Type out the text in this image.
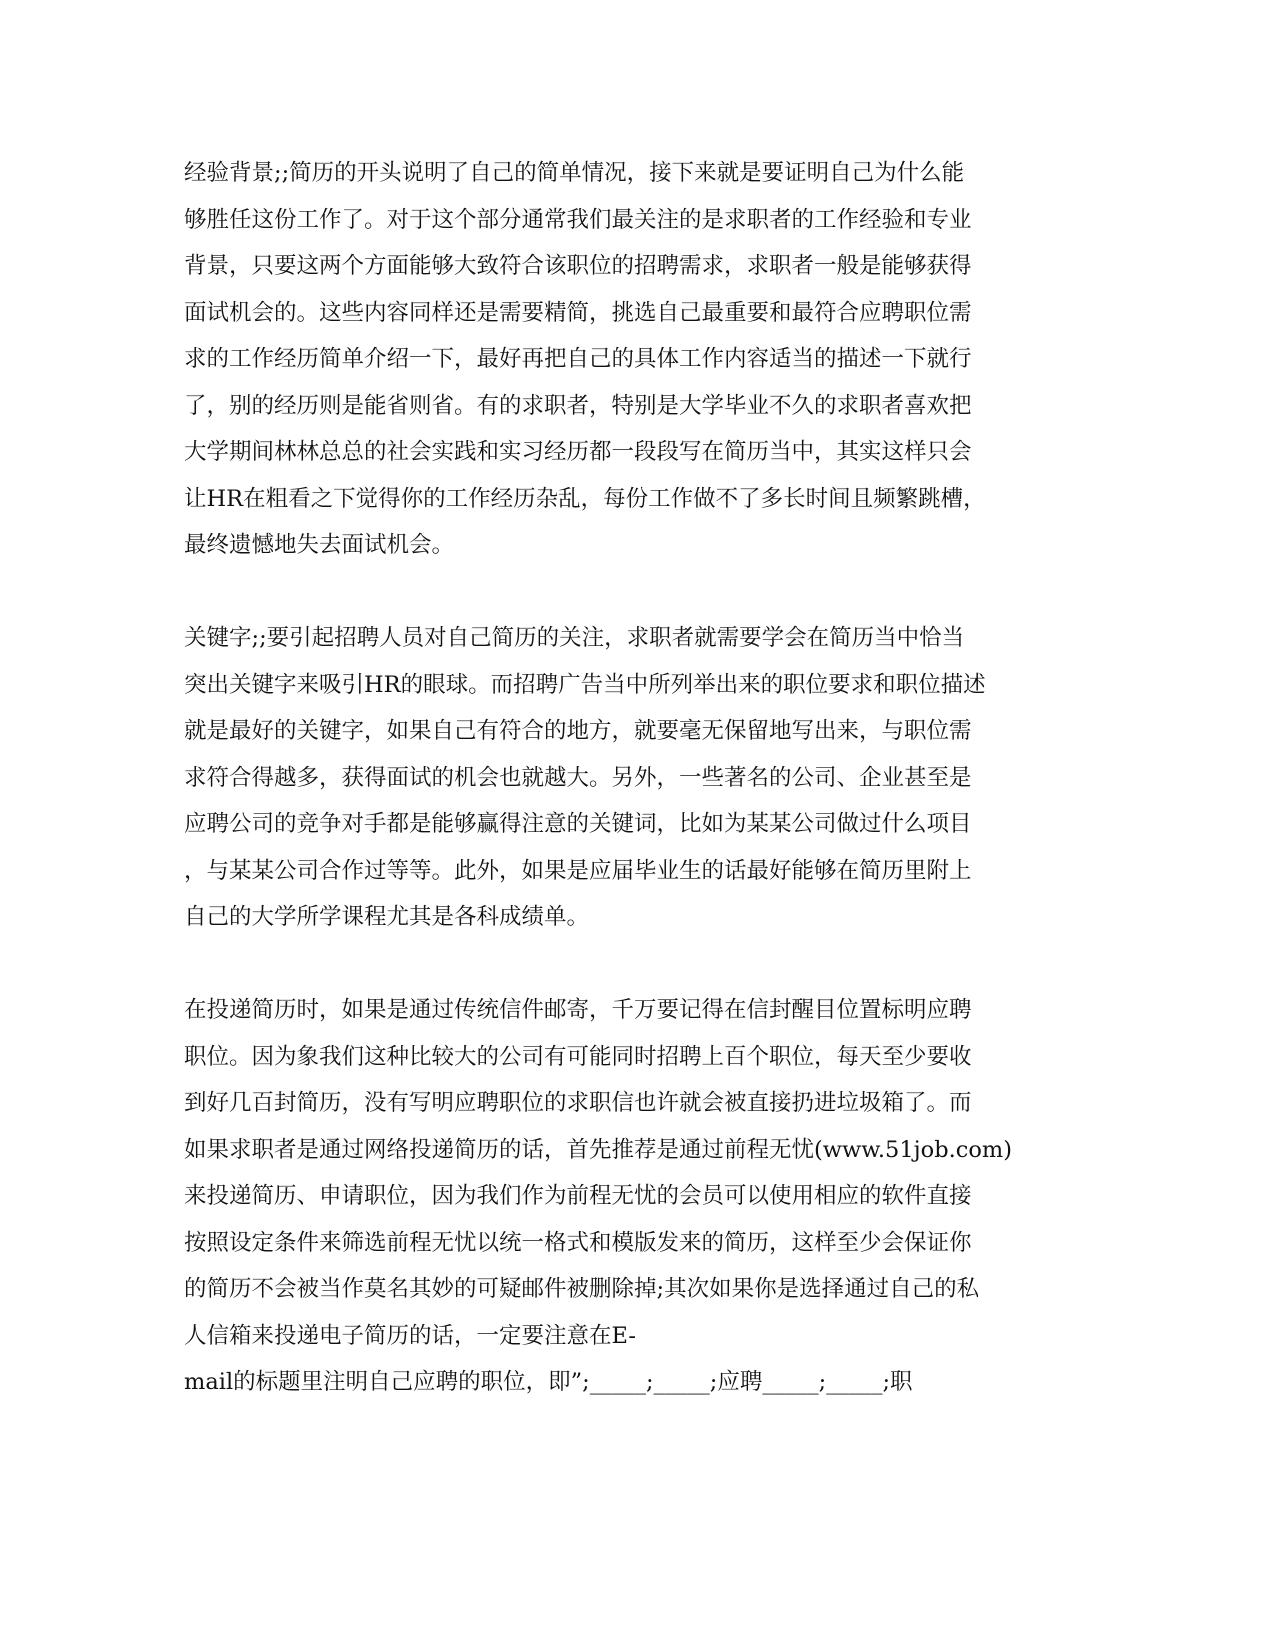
经验背景;;简历的开头说明了自己的简单情况，接下来就是要证明自己为什么能
够胜任这份工作了。对于这个部分通常我们最关注的是求职者的工作经验和专业
背景，只要这两个方面能够大致符合该职位的招聘需求，求职者一般是能够获得
面试机会的。这些内容同样还是需要精简，挑选自己最重要和最符合应聘职位需
求的工作经历简单介绍一下，最好再把自己的具体工作内容适当的描述一下就行
了，别的经历则是能省则省。有的求职者，特别是大学毕业不久的求职者喜欢把
大学期间林林总总的社会实践和实习经历都一段段写在简历当中，其实这样只会
让HR在粗看之下觉得你的工作经历杂乱，每份工作做不了多长时间且频繁跳槽，
最终遗憾地失去面试机会。
关键字;;要引起招聘人员对自己简历的关注，求职者就需要学会在简历当中恰当
突出关键字来吸引HR的眼球。而招聘广告当中所列举出来的职位要求和职位描述
就是最好的关键字，如果自己有符合的地方，就要毫无保留地写出来，与职位需
求符合得越多，获得面试的机会也就越大。另外，一些著名的公司、企业甚至是
应聘公司的竞争对手都是能够赢得注意的关键词，比如为某某公司做过什么项目
，与某某公司合作过等等。此外，如果是应届毕业生的话最好能够在简历里附上
自己的大学所学课程尤其是各科成绩单。
在投递简历时，如果是通过传统信件邮寄，千万要记得在信封醒目位置标明应聘
职位。因为象我们这种比较大的公司有可能同时招聘上百个职位，每天至少要收
到好几百封简历，没有写明应聘职位的求职信也许就会被直接扔进垃圾箱了。而
如果求职者是通过网络投递简历的话，首先推荐是通过前程无忧(www.51job.com)
来投递简历、申请职位，因为我们作为前程无忧的会员可以使用相应的软件直接
按照设定条件来筛选前程无忧以统一格式和模版发来的简历，这样至少会保证你
的简历不会被当作莫名其妙的可疑邮件被删除掉;其次如果你是选择通过自己的私
人信箱来投递电子简历的话，一定要注意在E-
mail的标题里注明自己应聘的职位，即”;_____;_____;应聘_____;_____;职
